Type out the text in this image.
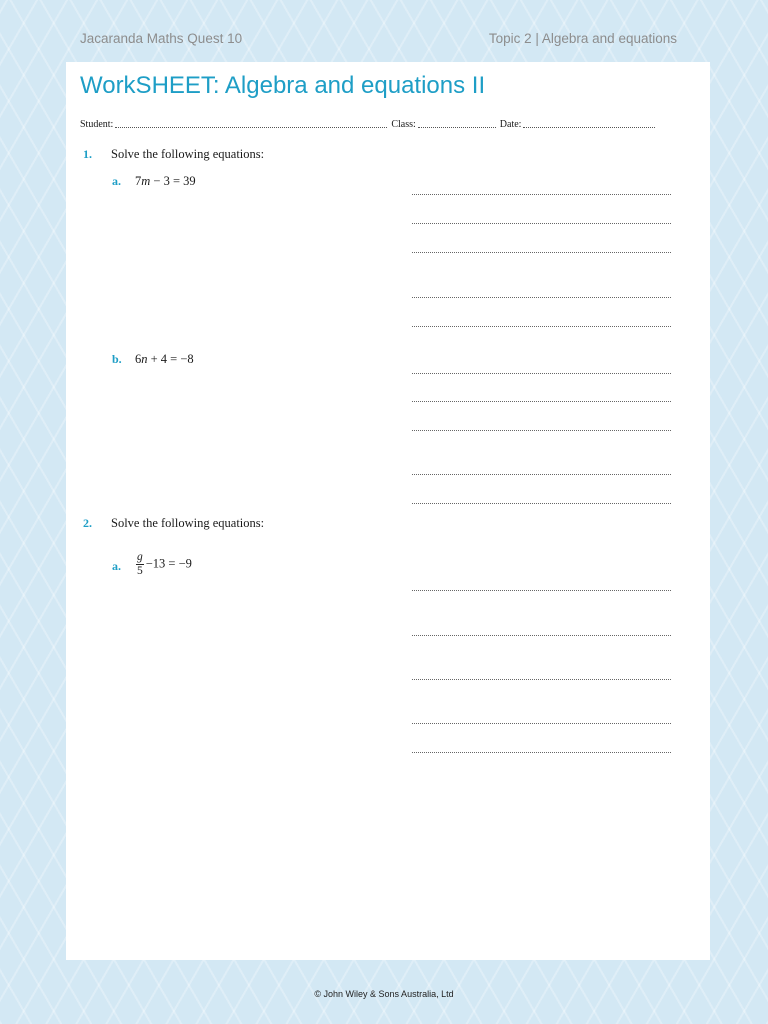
Jacaranda Maths Quest 10	Topic 2 | Algebra and equations
WorkSHEET: Algebra and equations II
Student:	Class:	Date:
1. Solve the following equations:
a. 7m − 3 = 39
b. 6n + 4 = −8
2. Solve the following equations:
a. $\frac{g}{5} -13 = -9$
© John Wiley & Sons Australia, Ltd
